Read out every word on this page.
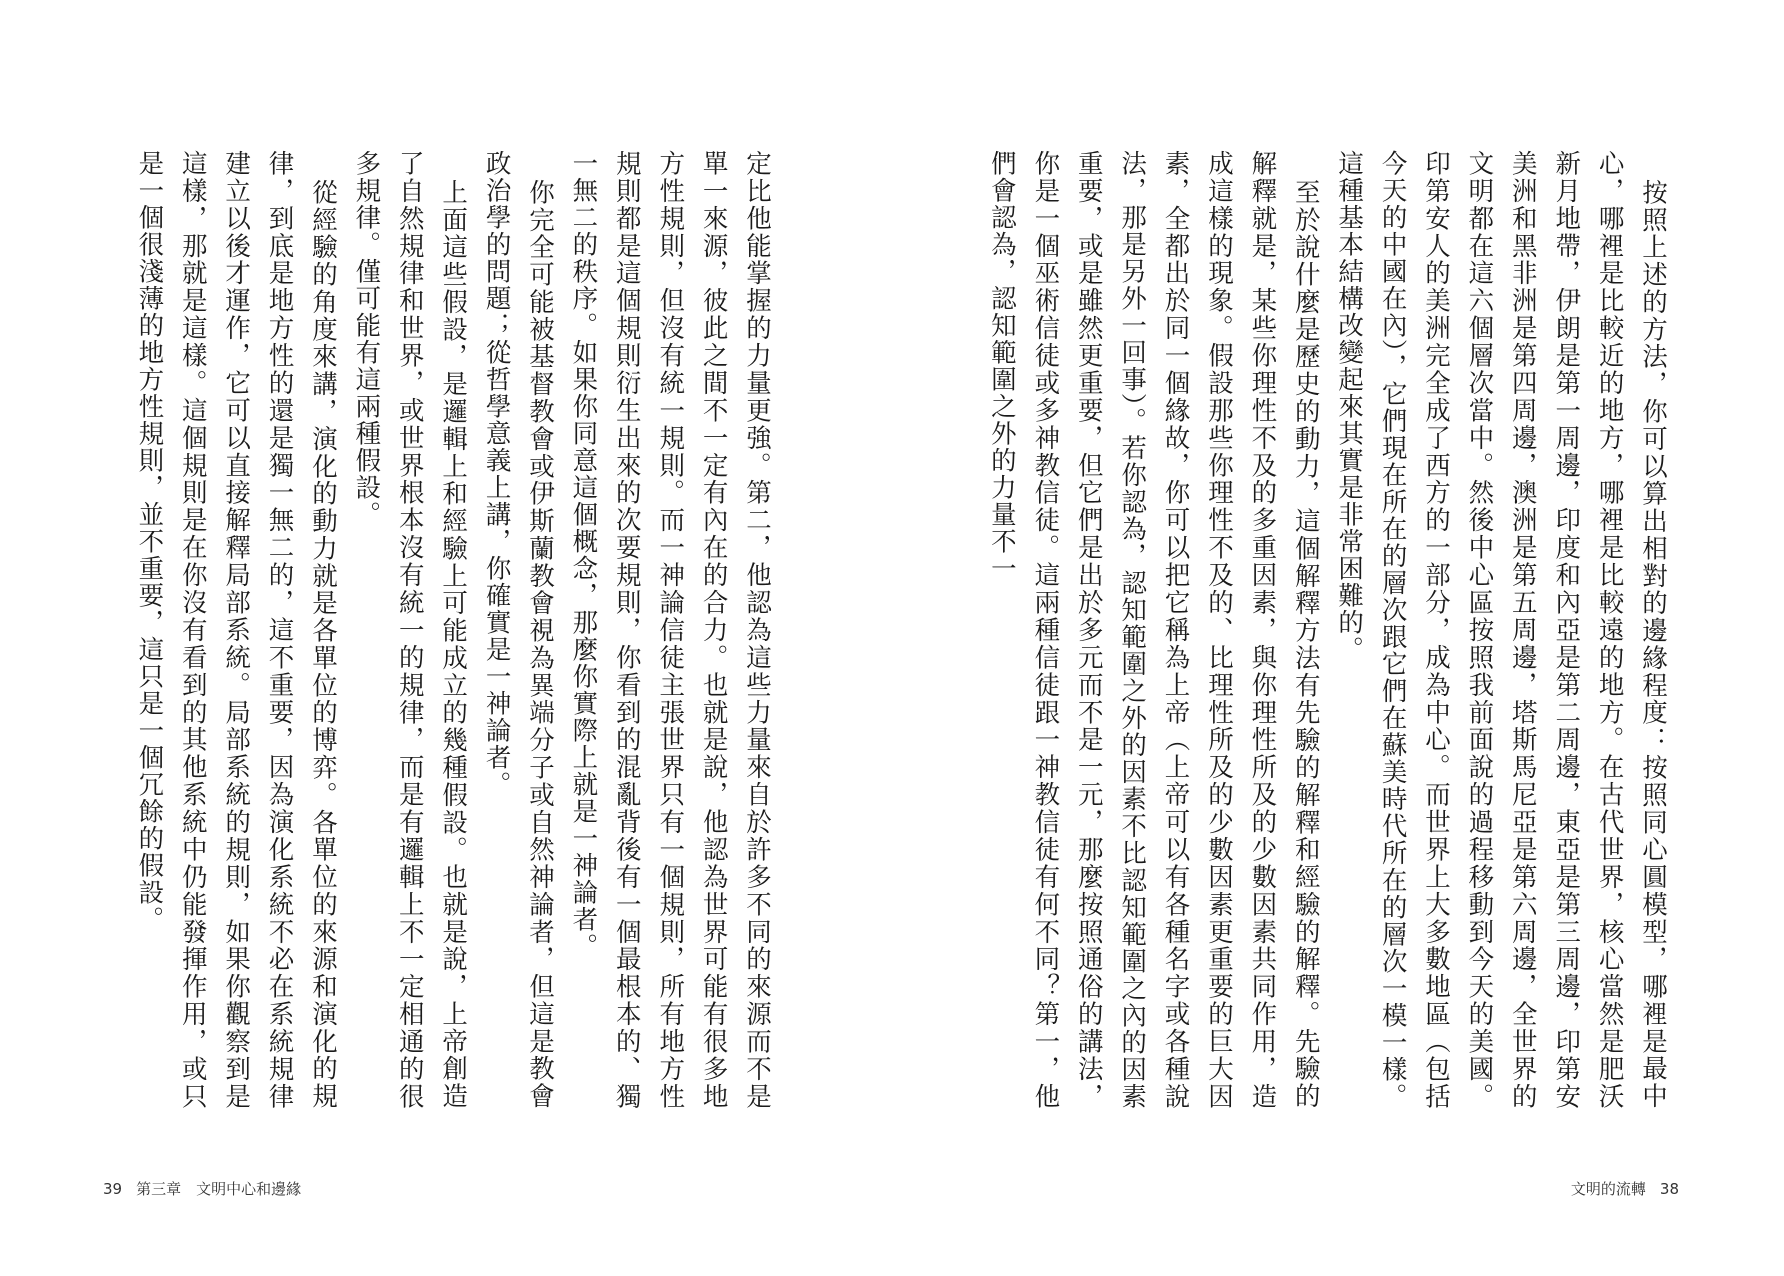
定比他能掌握的力量更強。第二，他認為這些力量來自於許多不同的來源而不是單一來源，彼此之間不一定有內在的合力。也就是說，他認為世界可能有很多地方性規則，但沒有統一規則。而一神論信徒主張世界只有一個規則，所有地方性規則都是這個規則衍生出來的次要規則，你看到的混亂背後有一個最根本的、獨一無二的秩序。如果你同意這個概念，那麼你實際上就是一神論者。

你完全可能被基督教會或伊斯蘭教會視為異端分子或自然神論者，但這是教會政治學的問題；從哲學意義上講，你確實是一神論者。

上面這些假設，是邏輯上和經驗上可能成立的幾種假設。也就是說，上帝創造了自然規律和世界，或世界根本沒有統一的規律，而是有邏輯上不一定相通的很多規律。僅可能有這兩種假設。

從經驗的角度來講，演化的動力就是各單位的博弈。各單位的來源和演化的規律，到底是地方性的還是獨一無二的，這不重要，因為演化系統不必在系統規律建立以後才運作，它可以直接解釋局部系統。局部系統的規則，如果你觀察到是這樣，那就是這樣。這個規則是在你沒有看到的其他系統中仍能發揮作用，或只是一個很淺薄的地方性規則，並不重要，這只是一個冗餘的假設。

39 第三章　文明中心和邊緣

按照上述的方法，你可以算出相對的邊緣程度：按照同心圓模型，哪裡是最中心，哪裡是比較近的地方，哪裡是比較遠的地方。在古代世界，核心當然是肥沃新月地帶，伊朗是第一周邊，印度和內亞是第二周邊，東亞是第三周邊，印第安美洲和黑非洲是第四周邊，澳洲是第五周邊，塔斯馬尼亞是第六周邊，全世界的文明都在這六個層次當中。然後中心區按照我前面說的過程移動到今天的美國。印第安人的美洲完全成了西方的一部分，成為中心。而世界上大多數地區（包括今天的中國在內），它們現在所在的層次跟它們在蘇美時代所在的層次一模一樣。這種基本結構改變起來其實是非常困難的。

至於說什麼是歷史的動力，這個解釋方法有先驗的解釋和經驗的解釋。先驗的解釋就是，某些你理性不及的多重因素，與你理性所及的少數因素共同作用，造成這樣的現象。假設那些你理性不及的、比理性所及的少數因素更重要的巨大因素，全都出於同一個緣故，你可以把它稱為上帝（上帝可以有各種名字或各種說法，那是另外一回事）。若你認為，認知範圍之外的因素不比認知範圍之內的因素重要，或是雖然更重要，但它們是出於多元而不是一元，那麼按照通俗的講法，你是一個巫術信徒或多神教信徒。這兩種信徒跟一神教信徒有何不同？第一，他們會認為，認知範圍之外的力量不一

文明的流轉 38
